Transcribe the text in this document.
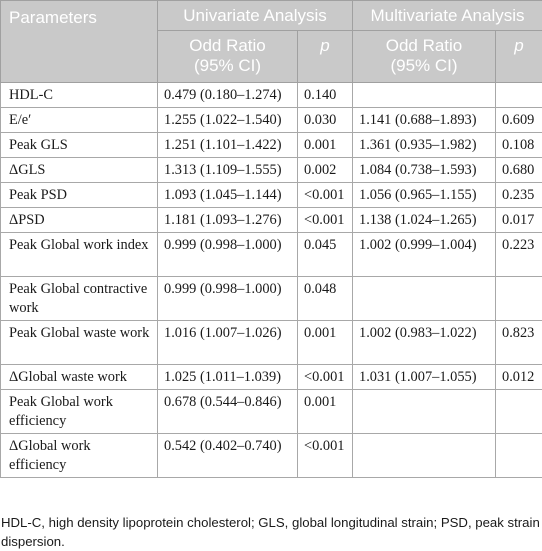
Parameters	Univariate Analysis		Multivariate Analysis	
	Odd Ratio
(95% CI)	p	Odd Ratio
(95% CI)	p
HDL-C	0.479 (0.180–1.274)	0.140		
E/e′	1.255 (1.022–1.540)	0.030	1.141 (0.688–1.893)	0.609
Peak GLS	1.251 (1.101–1.422)	0.001	1.361 (0.935–1.982)	0.108
ΔGLS	1.313 (1.109–1.555)	0.002	1.084 (0.738–1.593)	0.680
Peak PSD	1.093 (1.045–1.144)	<0.001	1.056 (0.965–1.155)	0.235
ΔPSD	1.181 (1.093–1.276)	<0.001	1.138 (1.024–1.265)	0.017
Peak Global work index	0.999 (0.998–1.000)	0.045	1.002 (0.999–1.004)	0.223
Peak Global contractive work	0.999 (0.998–1.000)	0.048		
Peak Global waste work	1.016 (1.007–1.026)	0.001	1.002 (0.983–1.022)	0.823
ΔGlobal waste work	1.025 (1.011–1.039)	<0.001	1.031 (1.007–1.055)	0.012
Peak Global work efficiency	0.678 (0.544–0.846)	0.001		
ΔGlobal work efficiency	0.542 (0.402–0.740)	<0.001		
HDL-C, high density lipoprotein cholesterol; GLS, global longitudinal strain; PSD, peak strain dispersion.
